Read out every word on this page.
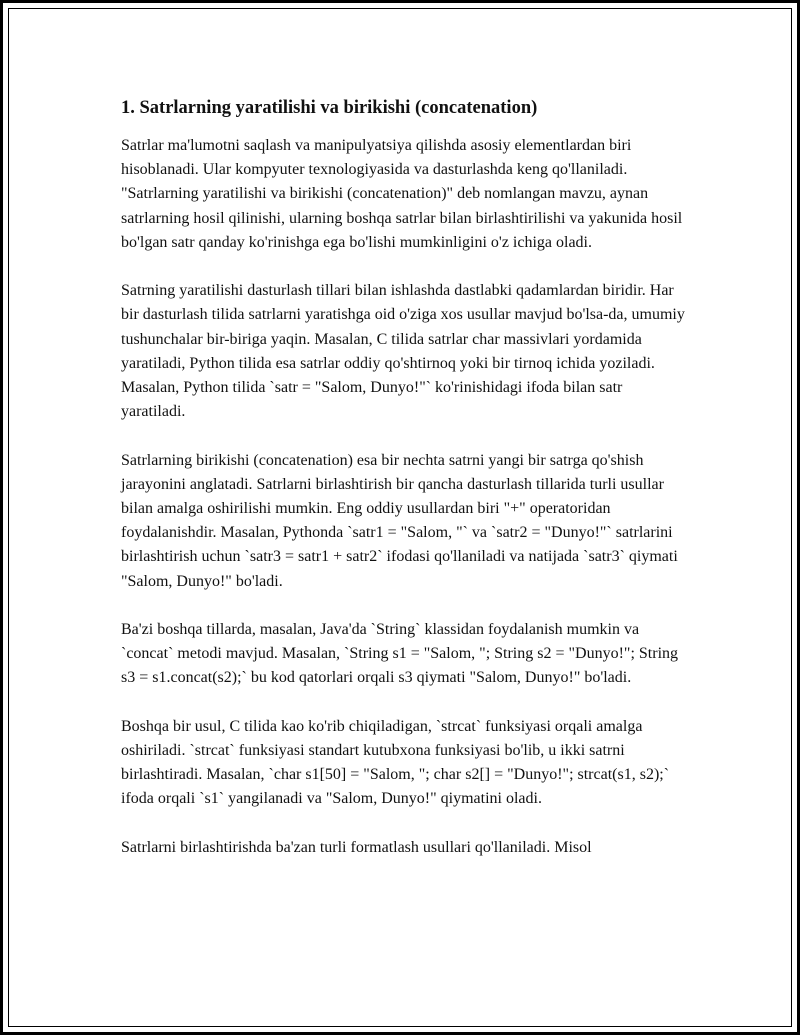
1. Satrlarning yaratilishi va birikishi (concatenation)

Satrlar ma'lumotni saqlash va manipulyatsiya qilishda asosiy elementlardan biri hisoblanadi. Ular kompyuter texnologiyasida va dasturlashda keng qo'llaniladi. "Satrlarning yaratilishi va birikishi (concatenation)" deb nomlangan mavzu, aynan satrlarning hosil qilinishi, ularning boshqa satrlar bilan birlashtirilishi va yakunida hosil bo'lgan satr qanday ko'rinishga ega bo'lishi mumkinligini o'z ichiga oladi.

Satrning yaratilishi dasturlash tillari bilan ishlashda dastlabki qadamlardan biridir. Har bir dasturlash tilida satrlarni yaratishga oid o'ziga xos usullar mavjud bo'lsa-da, umumiy tushunchalar bir-biriga yaqin. Masalan, C tilida satrlar char massivlari yordamida yaratiladi, Python tilida esa satrlar oddiy qo'shtirnoq yoki bir tirnoq ichida yoziladi. Masalan, Python tilida `satr = "Salom, Dunyo!"` ko'rinishidagi ifoda bilan satr yaratiladi.

Satrlarning birikishi (concatenation) esa bir nechta satrni yangi bir satrga qo'shish jarayonini anglatadi. Satrlarni birlashtirish bir qancha dasturlash tillarida turli usullar bilan amalga oshirilishi mumkin. Eng oddiy usullardan biri "+" operatoridan foydalanishdir. Masalan, Pythonda `satr1 = "Salom, "` va `satr2 = "Dunyo!"` satrlarini birlashtirish uchun `satr3 = satr1 + satr2` ifodasi qo'llaniladi va natijada `satr3` qiymati "Salom, Dunyo!" bo'ladi.

Ba'zi boshqa tillarda, masalan, Java'da `String` klassidan foydalanish mumkin va `concat` metodi mavjud. Masalan, `String s1 = "Salom, "; String s2 = "Dunyo!"; String s3 = s1.concat(s2);` bu kod qatorlari orqali s3 qiymati "Salom, Dunyo!" bo'ladi.

Boshqa bir usul, C tilida kao ko'rib chiqiladigan, `strcat` funksiyasi orqali amalga oshiriladi. `strcat` funksiyasi standart kutubxona funksiyasi bo'lib, u ikki satrni birlashtiradi. Masalan, `char s1[50] = "Salom, "; char s2[] = "Dunyo!"; strcat(s1, s2);` ifoda orqali `s1` yangilanadi va "Salom, Dunyo!" qiymatini oladi.

Satrlarni birlashtirishda ba'zan turli formatlash usullari qo'llaniladi. Misol
